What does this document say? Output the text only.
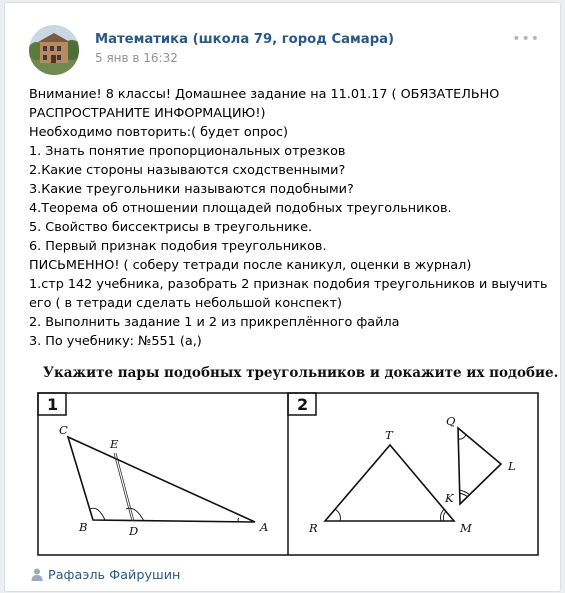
Математика (школа 79, город Самара)
5 янв в 16:32
•••
Внимание! 8 классы! Домашнее задание на 11.01.17 ( ОБЯЗАТЕЛЬНО РАСПРОСТРАНИТЕ ИНФОРМАЦИЮ!)
Необходимо повторить:( будет опрос)
1. Знать понятие пропорциональных отрезков
2.Какие стороны называются сходственными?
3.Какие треугольники называются подобными?
4.Теорема об отношении площадей подобных треугольников.
5. Свойство биссектрисы в треугольнике.
6. Первый признак подобия треугольников.
ПИСЬМЕННО! ( соберу тетради после каникул, оценки в журнал)
1.стр 142 учебника, разобрать 2 признак подобия треугольников и выучить его ( в тетради сделать небольшой конспект)
2. Выполнить задание 1 и 2 из прикреплённого файла
3. По учебнику: №551 (а,)
Укажите пары подобных треугольников и докажите их подобие.
1	2
C
E
B	D	A
T
Q
L
K
R	M
Рафаэль Файрушин
